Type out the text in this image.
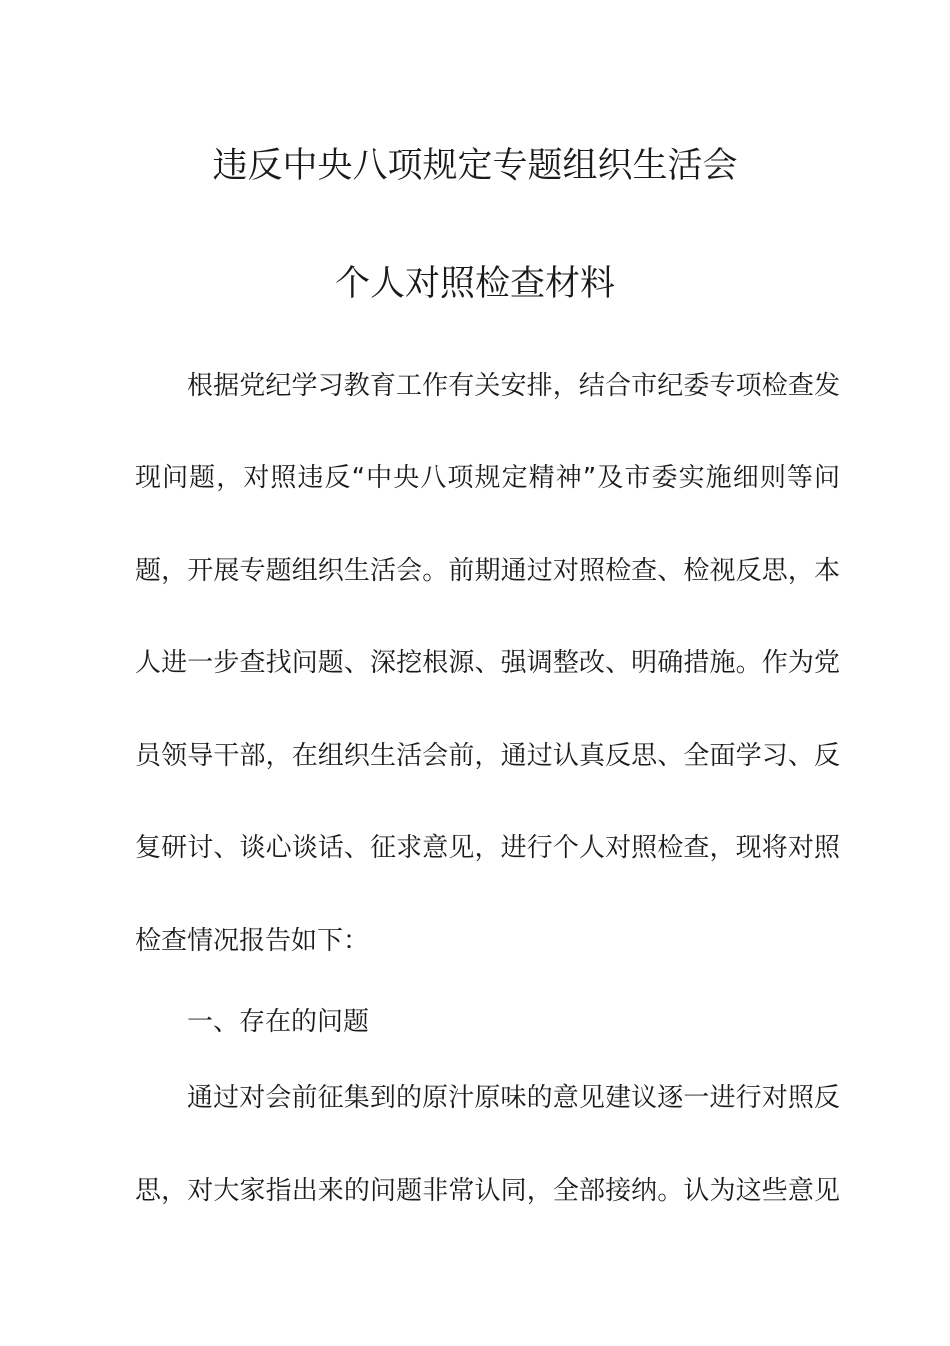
违反中央八项规定专题组织生活会
个人对照检查材料
根据党纪学习教育工作有关安排，结合市纪委专项检查发
现问题，对照违反“中央八项规定精神”及市委实施细则等问
题，开展专题组织生活会。前期通过对照检查、检视反思，本
人进一步查找问题、深挖根源、强调整改、明确措施。作为党
员领导干部，在组织生活会前，通过认真反思、全面学习、反
复研讨、谈心谈话、征求意见，进行个人对照检查，现将对照
检查情况报告如下：
一、存在的问题
通过对会前征集到的原汁原味的意见建议逐一进行对照反
思，对大家指出来的问题非常认同，全部接纳。认为这些意见
